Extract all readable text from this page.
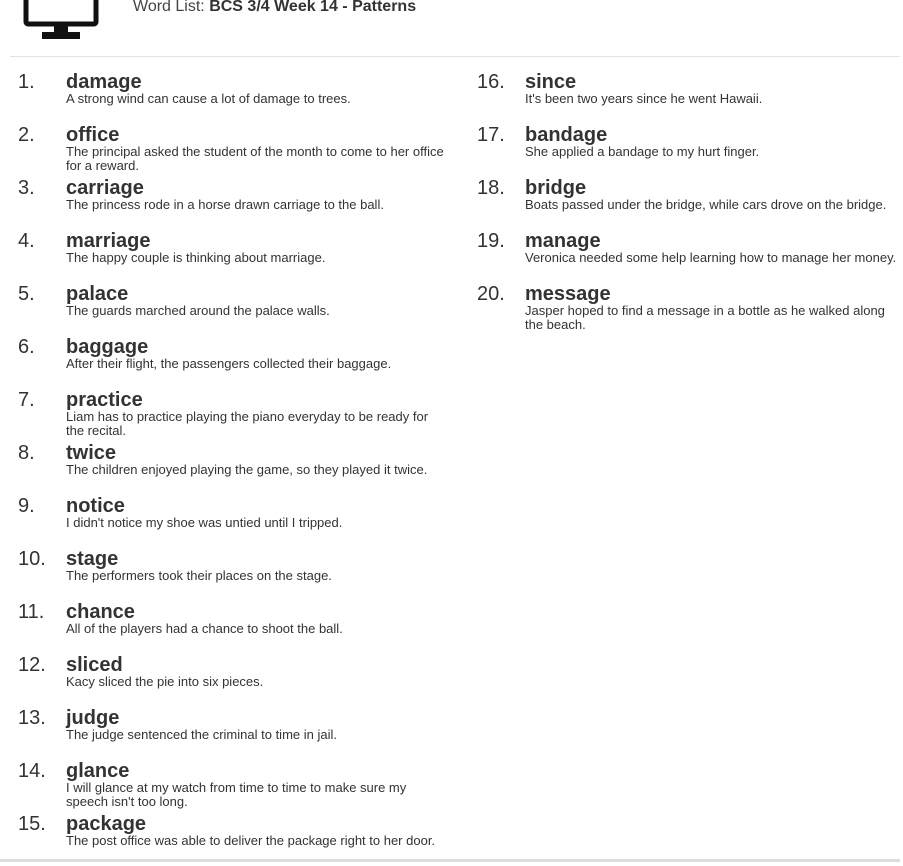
Word List: BCS 3/4 Week 14 - Patterns
1. damage
A strong wind can cause a lot of damage to trees.
2. office
The principal asked the student of the month to come to her office for a reward.
3. carriage
The princess rode in a horse drawn carriage to the ball.
4. marriage
The happy couple is thinking about marriage.
5. palace
The guards marched around the palace walls.
6. baggage
After their flight, the passengers collected their baggage.
7. practice
Liam has to practice playing the piano everyday to be ready for the recital.
8. twice
The children enjoyed playing the game, so they played it twice.
9. notice
I didn't notice my shoe was untied until I tripped.
10. stage
The performers took their places on the stage.
11. chance
All of the players had a chance to shoot the ball.
12. sliced
Kacy sliced the pie into six pieces.
13. judge
The judge sentenced the criminal to time in jail.
14. glance
I will glance at my watch from time to time to make sure my speech isn't too long.
15. package
The post office was able to deliver the package right to her door.
16. since
It's been two years since he went Hawaii.
17. bandage
She applied a bandage to my hurt finger.
18. bridge
Boats passed under the bridge, while cars drove on the bridge.
19. manage
Veronica needed some help learning how to manage her money.
20. message
Jasper hoped to find a message in a bottle as he walked along the beach.
